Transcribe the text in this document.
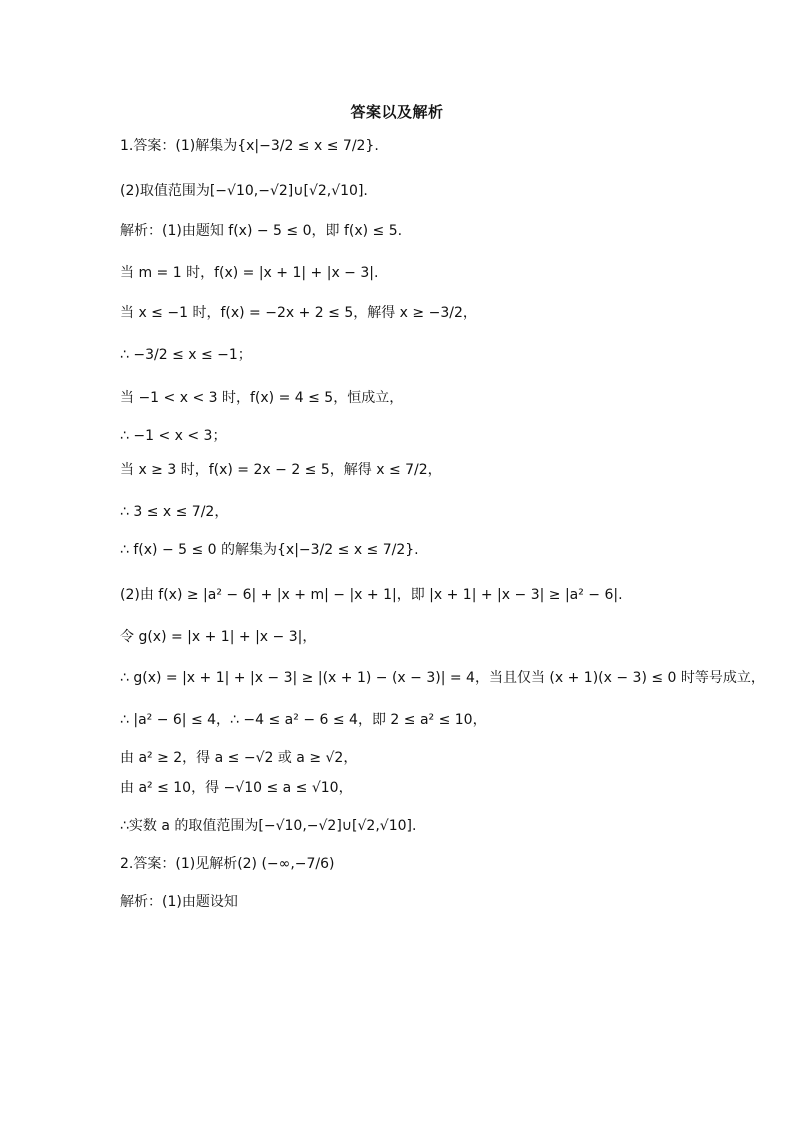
答案以及解析
1.答案：(1)解集为{x|−3/2 ≤ x ≤ 7/2}.
(2)取值范围为[−√10,−√2]∪[√2,√10].
解析：(1)由题知 f(x) − 5 ≤ 0，即 f(x) ≤ 5.
当 m = 1 时，f(x) = |x + 1| + |x − 3|.
当 x ≤ −1 时，f(x) = −2x + 2 ≤ 5，解得 x ≥ −3/2，
∴ −3/2 ≤ x ≤ −1；
当 −1 < x < 3 时，f(x) = 4 ≤ 5，恒成立，
∴ −1 < x < 3；
当 x ≥ 3 时，f(x) = 2x − 2 ≤ 5，解得 x ≤ 7/2，
∴ 3 ≤ x ≤ 7/2，
∴ f(x) − 5 ≤ 0 的解集为{x|−3/2 ≤ x ≤ 7/2}.
(2)由 f(x) ≥ |a² − 6| + |x + m| − |x + 1|，即 |x + 1| + |x − 3| ≥ |a² − 6|.
令 g(x) = |x + 1| + |x − 3|，
∴ g(x) = |x + 1| + |x − 3| ≥ |(x + 1) − (x − 3)| = 4，当且仅当 (x + 1)(x − 3) ≤ 0 时等号成立，
∴ |a² − 6| ≤ 4，∴ −4 ≤ a² − 6 ≤ 4，即 2 ≤ a² ≤ 10，
由 a² ≥ 2，得 a ≤ −√2 或 a ≥ √2，
由 a² ≤ 10，得 −√10 ≤ a ≤ √10，
∴实数 a 的取值范围为[−√10,−√2]∪[√2,√10].
2.答案：(1)见解析(2) (−∞,−7/6)
解析：(1)由题设知
